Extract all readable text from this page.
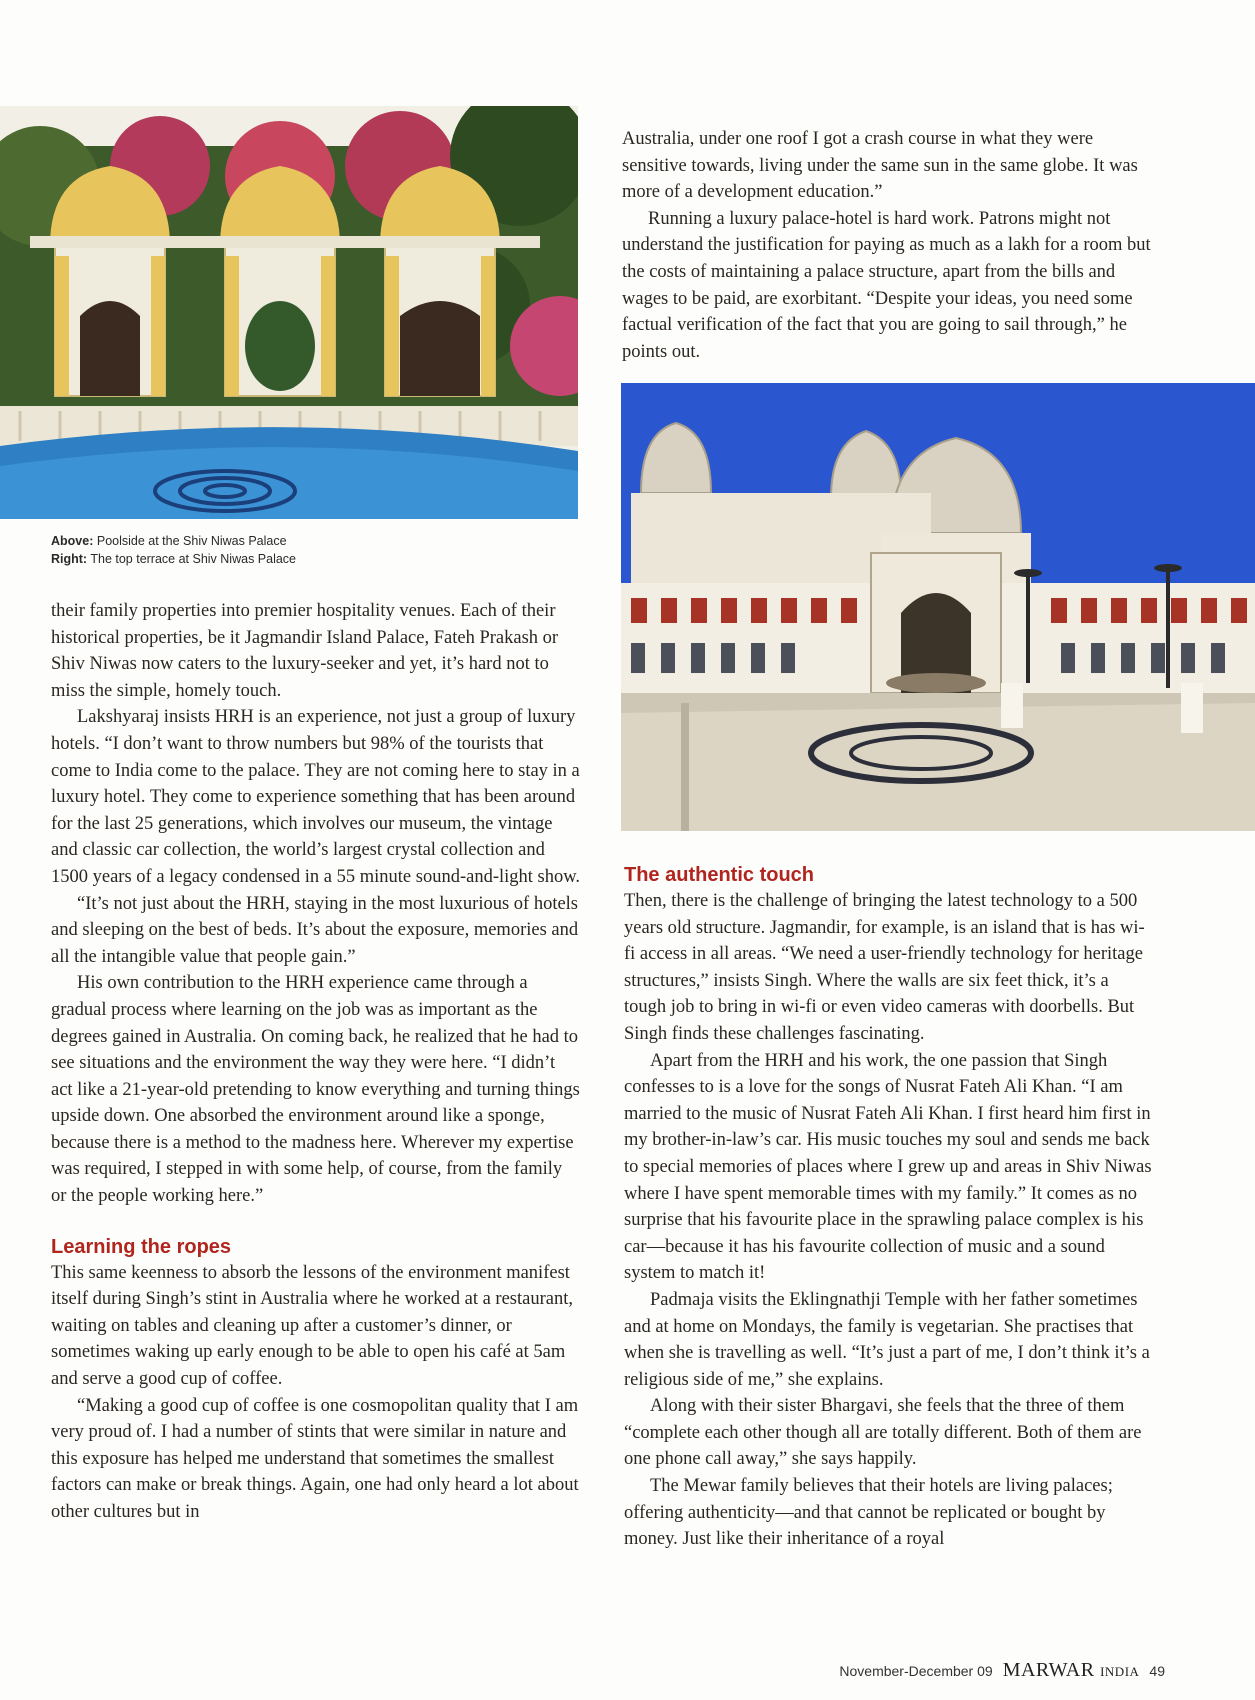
Above: Poolside at the Shiv Niwas Palace
Right: The top terrace at Shiv Niwas Palace

Australia, under one roof I got a crash course in what they were sensitive towards, living under the same sun in the same globe. It was more of a development education.”

Running a luxury palace-hotel is hard work. Patrons might not understand the justification for paying as much as a lakh for a room but the costs of maintaining a palace structure, apart from the bills and wages to be paid, are exorbitant. “Despite your ideas, you need some factual verification of the fact that you are going to sail through,” he points out.

their family properties into premier hospitality venues. Each of their historical properties, be it Jagmandir Island Palace, Fateh Prakash or Shiv Niwas now caters to the luxury-seeker and yet, it’s hard not to miss the simple, homely touch.

Lakshyaraj insists HRH is an experience, not just a group of luxury hotels. “I don’t want to throw numbers but 98% of the tourists that come to India come to the palace. They are not coming here to stay in a luxury hotel. They come to experience something that has been around for the last 25 generations, which involves our museum, the vintage and classic car collection, the world’s largest crystal collection and 1500 years of a legacy condensed in a 55 minute sound-and-light show.

“It’s not just about the HRH, staying in the most luxurious of hotels and sleeping on the best of beds. It’s about the exposure, memories and all the intangible value that people gain.”

His own contribution to the HRH experience came through a gradual process where learning on the job was as important as the degrees gained in Australia. On coming back, he realized that he had to see situations and the environment the way they were here. “I didn’t act like a 21-year-old pretending to know everything and turning things upside down. One absorbed the environment around like a sponge, because there is a method to the madness here. Wherever my expertise was required, I stepped in with some help, of course, from the family or the people working here.”

Learning the ropes

This same keenness to absorb the lessons of the environment manifest itself during Singh’s stint in Australia where he worked at a restaurant, waiting on tables and cleaning up after a customer’s dinner, or sometimes waking up early enough to be able to open his café at 5am and serve a good cup of coffee.

“Making a good cup of coffee is one cosmopolitan quality that I am very proud of. I had a number of stints that were similar in nature and this exposure has helped me understand that sometimes the smallest factors can make or break things. Again, one had only heard a lot about other cultures but in

The authentic touch

Then, there is the challenge of bringing the latest technology to a 500 years old structure. Jagmandir, for example, is an island that is has wi-fi access in all areas. “We need a user-friendly technology for heritage structures,” insists Singh. Where the walls are six feet thick, it’s a tough job to bring in wi-fi or even video cameras with doorbells. But Singh finds these challenges fascinating.

Apart from the HRH and his work, the one passion that Singh confesses to is a love for the songs of Nusrat Fateh Ali Khan. “I am married to the music of Nusrat Fateh Ali Khan. I first heard him first in my brother-in-law’s car. His music touches my soul and sends me back to special memories of places where I grew up and areas in Shiv Niwas where I have spent memorable times with my family.” It comes as no surprise that his favourite place in the sprawling palace complex is his car—because it has his favourite collection of music and a sound system to match it!

Padmaja visits the Eklingnathji Temple with her father sometimes and at home on Mondays, the family is vegetarian. She practises that when she is travelling as well. “It’s just a part of me, I don’t think it’s a religious side of me,” she explains.

Along with their sister Bhargavi, she feels that the three of them “complete each other though all are totally different. Both of them are one phone call away,” she says happily.

The Mewar family believes that their hotels are living palaces; offering authenticity—and that cannot be replicated or bought by money. Just like their inheritance of a royal

November-December 09 MARWAR INDIA 49
